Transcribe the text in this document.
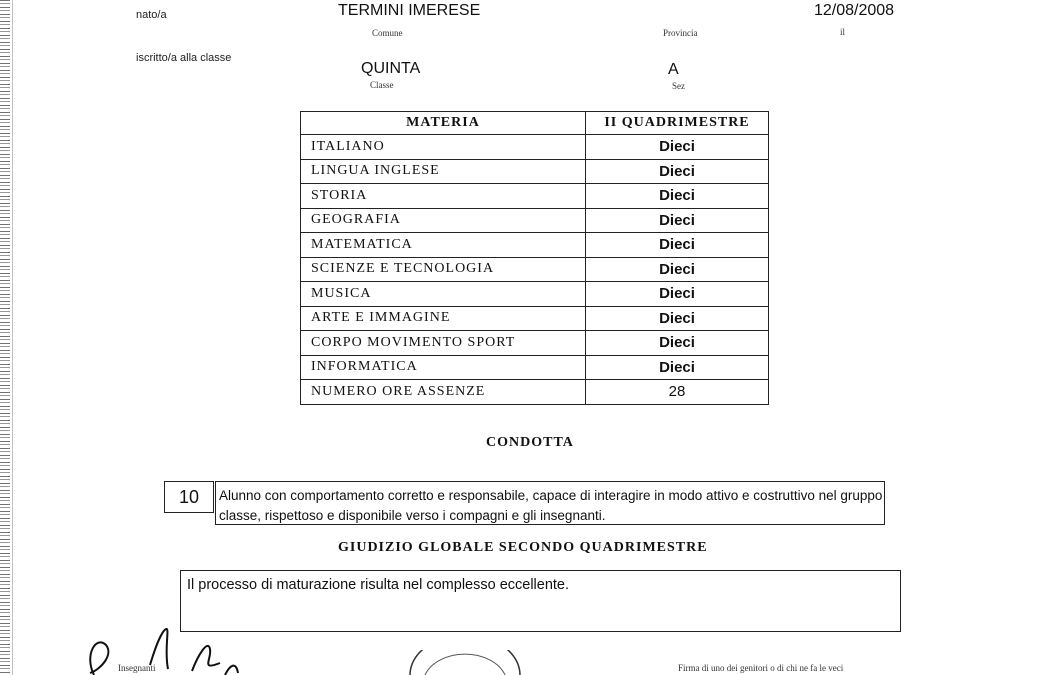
nato/a	TERMINI IMERESE	12/08/2008
Comune	Provincia	il
iscritto/a alla classe
QUINTA	A
Classe	Sez
MATERIA	II QUADRIMESTRE
ITALIANO	Dieci
LINGUA INGLESE	Dieci
STORIA	Dieci
GEOGRAFIA	Dieci
MATEMATICA	Dieci
SCIENZE E TECNOLOGIA	Dieci
MUSICA	Dieci
ARTE E IMMAGINE	Dieci
CORPO MOVIMENTO SPORT	Dieci
INFORMATICA	Dieci
NUMERO ORE ASSENZE	28
CONDOTTA
10	Alunno con comportamento corretto e responsabile, capace di interagire in modo attivo e costruttivo nel gruppo classe, rispettoso e disponibile verso i compagni e gli insegnanti.
GIUDIZIO GLOBALE SECONDO QUADRIMESTRE
Il processo di maturazione risulta nel complesso eccellente.
Insegnanti	Firma di uno dei genitori o di chi ne fa le veci
